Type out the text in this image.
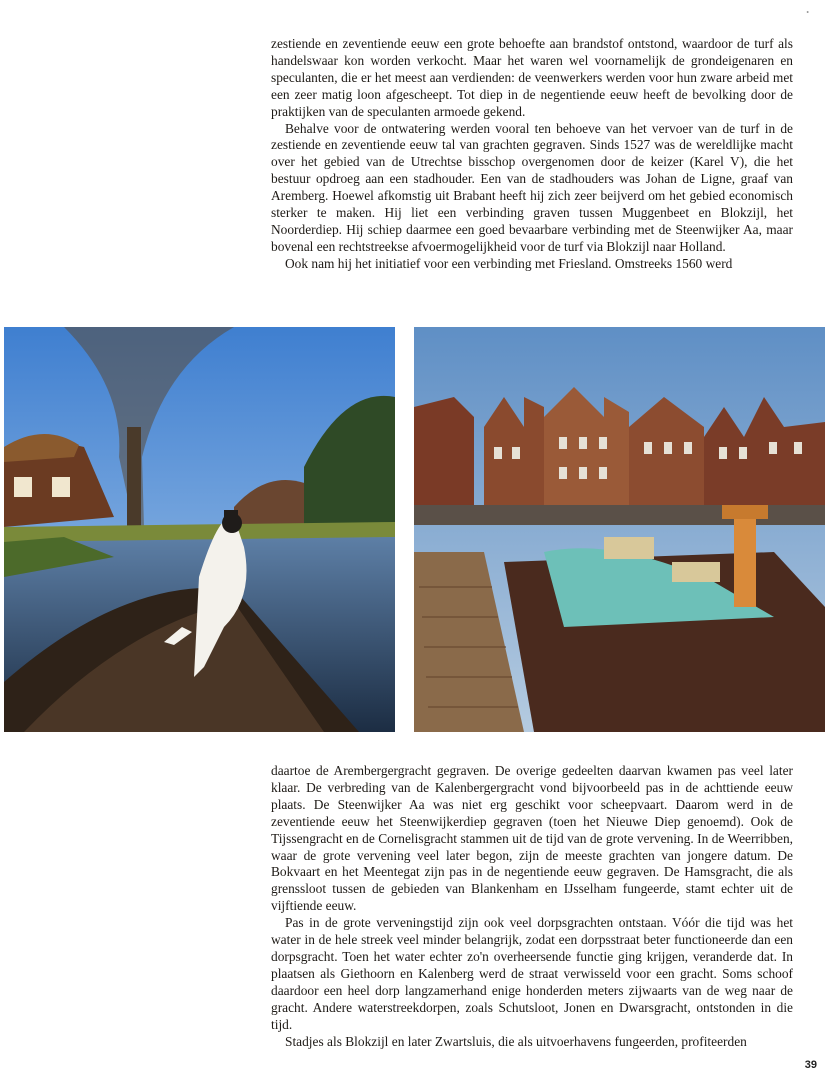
zestiende en zeventiende eeuw een grote behoefte aan brandstof ontstond, waardoor de turf als handelswaar kon worden verkocht. Maar het waren wel voornamelijk de grondeigenaren en speculanten, die er het meest aan verdienden: de veenwerkers werden voor hun zware arbeid met een zeer matig loon afgescheept. Tot diep in de negentiende eeuw heeft de bevolking door de praktijken van de speculanten armoede gekend.

Behalve voor de ontwatering werden vooral ten behoeve van het vervoer van de turf in de zestiende en zeventiende eeuw tal van grachten gegraven. Sinds 1527 was de wereldlijke macht over het gebied van de Utrechtse bisschop overgenomen door de keizer (Karel V), die het bestuur opdroeg aan een stadhouder. Een van de stadhouders was Johan de Ligne, graaf van Aremberg. Hoewel afkomstig uit Brabant heeft hij zich zeer beijverd om het gebied economisch sterker te maken. Hij liet een verbinding graven tussen Muggenbeet en Blokzijl, het Noorderdiep. Hij schiep daarmee een goed bevaarbare verbinding met de Steenwijker Aa, maar bovenal een rechtstreekse afvoermogelijkheid voor de turf via Blokzijl naar Holland.

Ook nam hij het initiatief voor een verbinding met Friesland. Omstreeks 1560 werd

daartoe de Arembergergracht gegraven. De overige gedeelten daarvan kwamen pas veel later klaar. De verbreding van de Kalenbergergracht vond bijvoorbeeld pas in de achttiende eeuw plaats. De Steenwijker Aa was niet erg geschikt voor scheepvaart. Daarom werd in de zeventiende eeuw het Steenwijkerdiep gegraven (toen het Nieuwe Diep genoemd). Ook de Tijssengracht en de Cornelisgracht stammen uit de tijd van de grote vervening. In de Weerribben, waar de grote vervening veel later begon, zijn de meeste grachten van jongere datum. De Bokvaart en het Meentegat zijn pas in de negentiende eeuw gegraven. De Hamsgracht, die als grenssloot tussen de gebieden van Blankenham en IJsselham fungeerde, stamt echter uit de vijftiende eeuw.

Pas in de grote verveningstijd zijn ook veel dorpsgrachten ontstaan. Vóór die tijd was het water in de hele streek veel minder belangrijk, zodat een dorpsstraat beter functioneerde dan een dorpsgracht. Toen het water echter zo'n overheersende functie ging krijgen, veranderde dat. In plaatsen als Giethoorn en Kalenberg werd de straat verwisseld voor een gracht. Soms schoof daardoor een heel dorp langzamerhand enige honderden meters zijwaarts van de weg naar de gracht. Andere waterstreekdorpen, zoals Schutsloot, Jonen en Dwarsgracht, ontstonden in die tijd.

Stadjes als Blokzijl en later Zwartsluis, die als uitvoerhavens fungeerden, profiteerden

•
39
